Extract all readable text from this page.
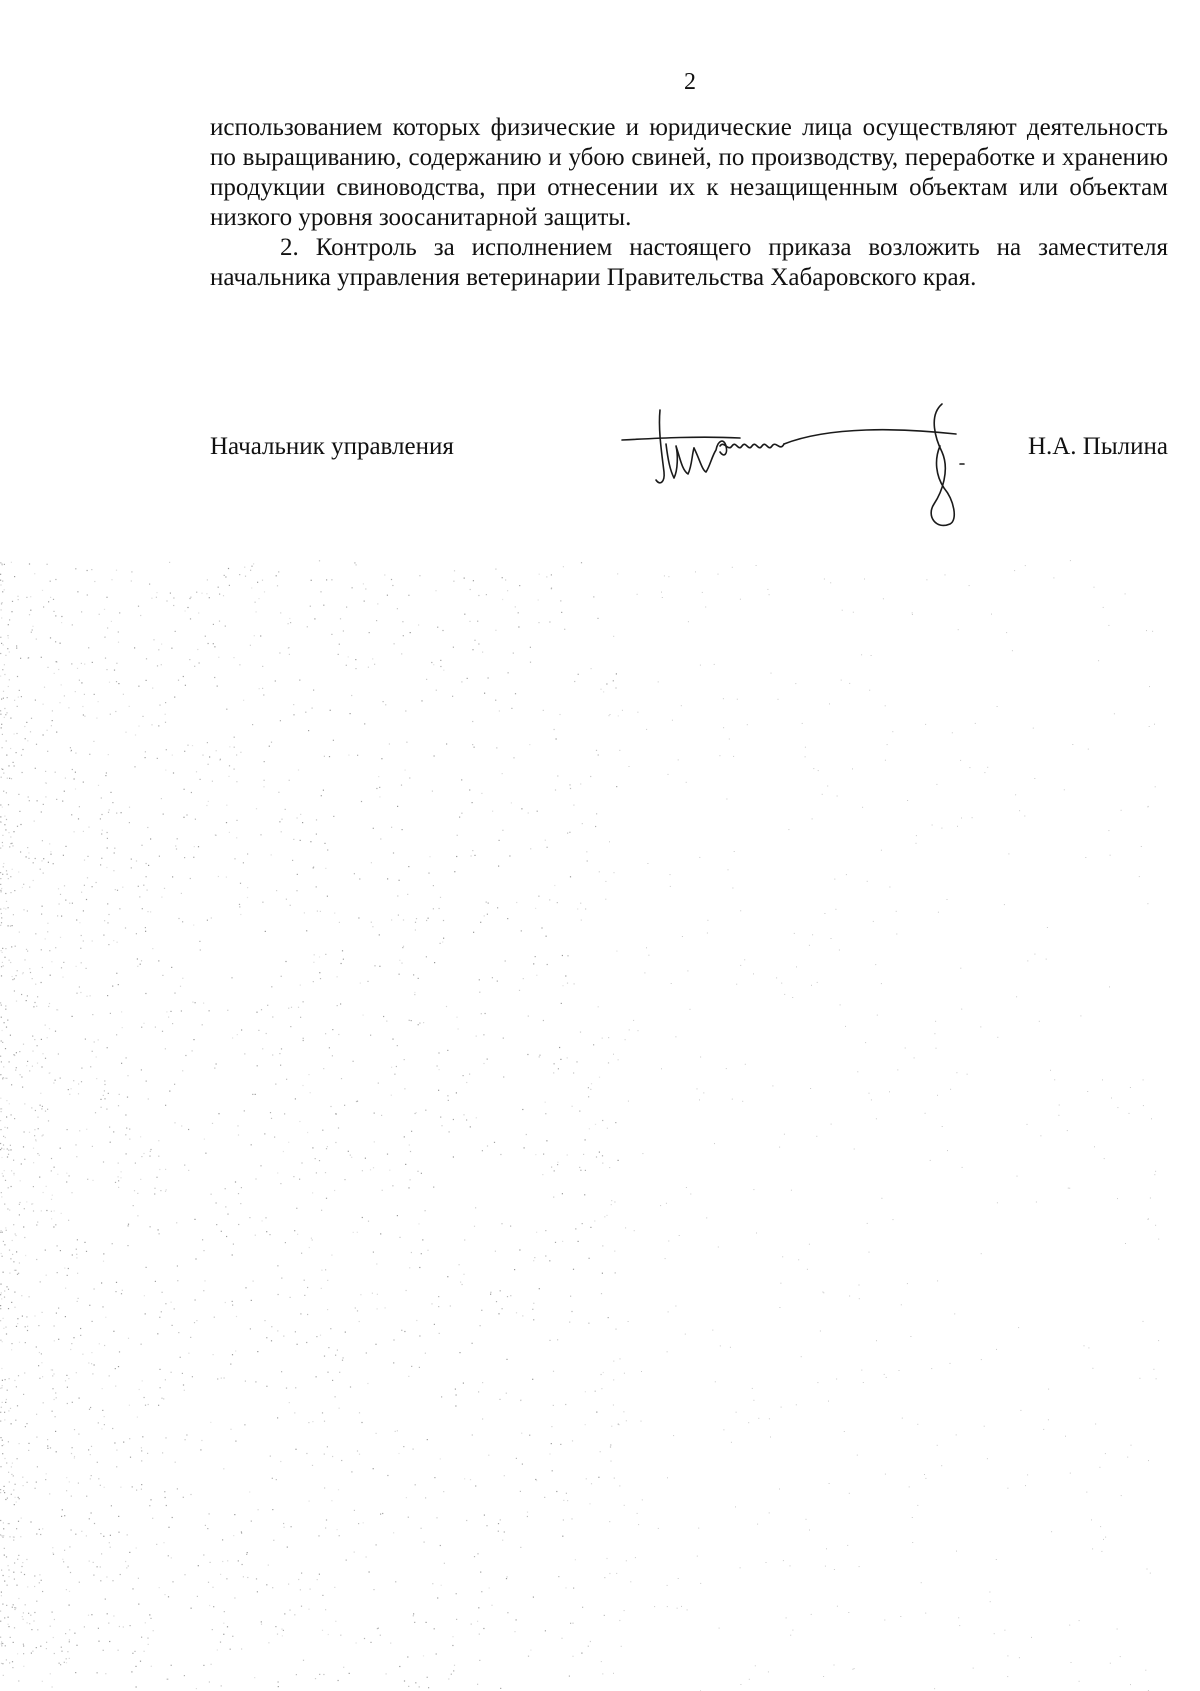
2

использованием которых физические и юридические лица осуществляют деятельность по выращиванию, содержанию и убою свиней, по производству, переработке и хранению продукции свиноводства, при отнесении их к незащищенным объектам или объектам низкого уровня зоосанитарной защиты.

2. Контроль за исполнением настоящего приказа возложить на заместителя начальника управления ветеринарии Правительства Хабаровского края.

Начальник управления	Н.А. Пылина
